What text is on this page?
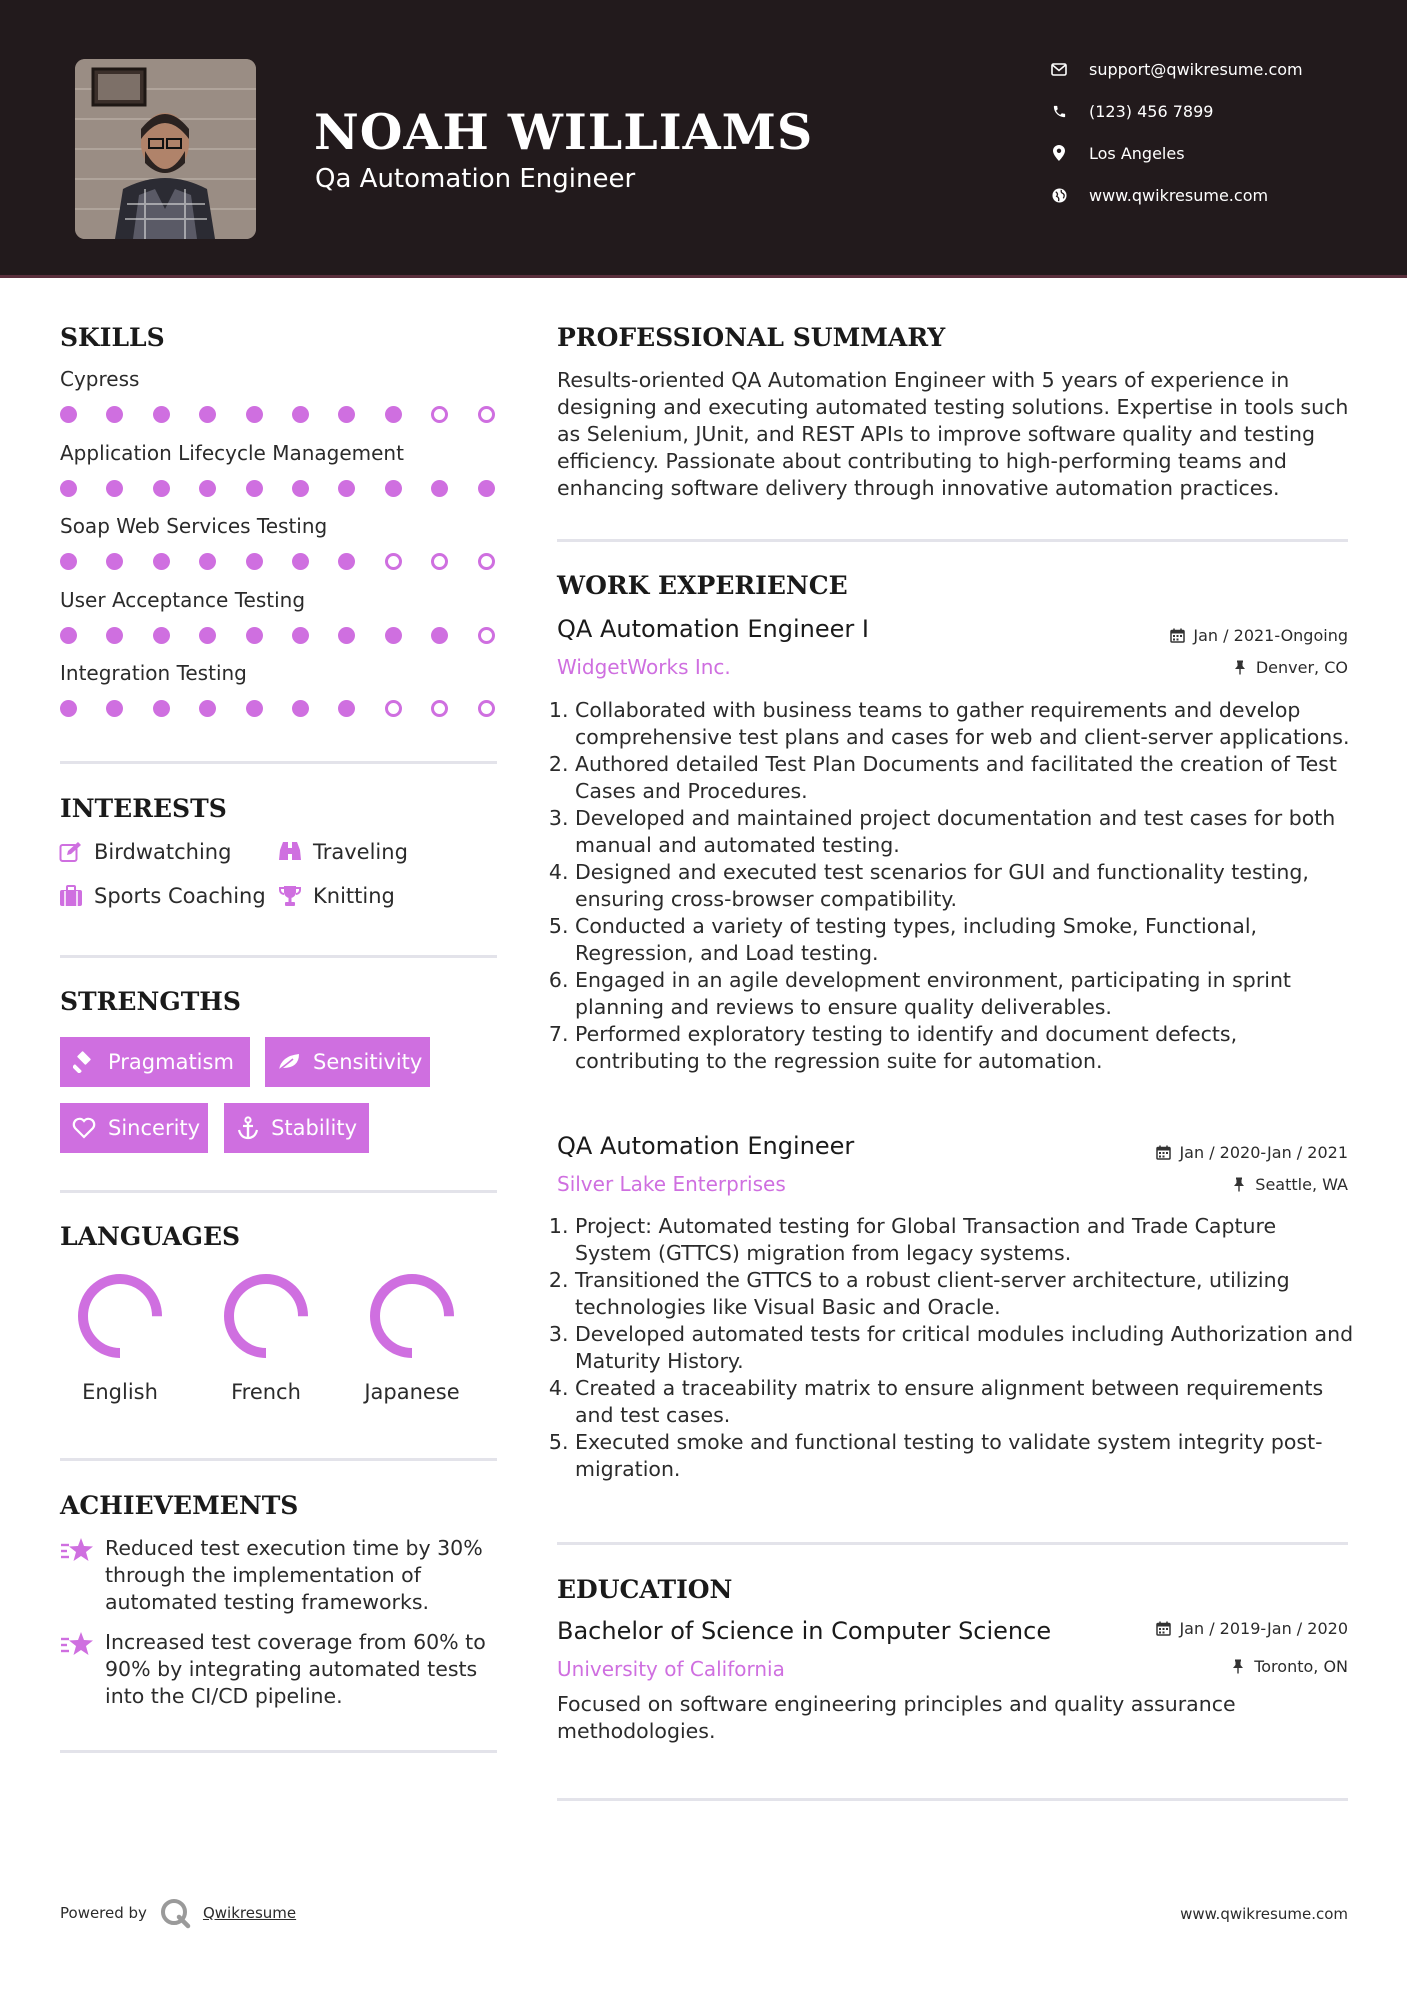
NOAH WILLIAMS
Qa Automation Engineer
support@qwikresume.com
(123) 456 7899
Los Angeles
www.qwikresume.com
SKILLS
Cypress
Application Lifecycle Management
Soap Web Services Testing
User Acceptance Testing
Integration Testing
INTERESTS
Birdwatching	Traveling
Sports Coaching Knitting
STRENGTHS
Pragmatism	Sensitivity
Sincerity	Stability
LANGUAGES
English	French	Japanese
ACHIEVEMENTS
Reduced test execution time by 30% through the implementation of automated testing frameworks.
Increased test coverage from 60% to 90% by integrating automated tests into the CI/CD pipeline.
PROFESSIONAL SUMMARY
Results-oriented QA Automation Engineer with 5 years of experience in designing and executing automated testing solutions. Expertise in tools such as Selenium, JUnit, and REST APIs to improve software quality and testing efficiency. Passionate about contributing to high-performing teams and enhancing software delivery through innovative automation practices.
WORK EXPERIENCE
QA Automation Engineer I	Jan / 2021-Ongoing
WidgetWorks Inc.	Denver, CO
1. Collaborated with business teams to gather requirements and develop comprehensive test plans and cases for web and client-server applications.
2. Authored detailed Test Plan Documents and facilitated the creation of Test Cases and Procedures.
3. Developed and maintained project documentation and test cases for both manual and automated testing.
4. Designed and executed test scenarios for GUI and functionality testing, ensuring cross-browser compatibility.
5. Conducted a variety of testing types, including Smoke, Functional, Regression, and Load testing.
6. Engaged in an agile development environment, participating in sprint planning and reviews to ensure quality deliverables.
7. Performed exploratory testing to identify and document defects, contributing to the regression suite for automation.
QA Automation Engineer	Jan / 2020-Jan / 2021
Silver Lake Enterprises	Seattle, WA
1. Project: Automated testing for Global Transaction and Trade Capture System (GTTCS) migration from legacy systems.
2. Transitioned the GTTCS to a robust client-server architecture, utilizing technologies like Visual Basic and Oracle.
3. Developed automated tests for critical modules including Authorization and Maturity History.
4. Created a traceability matrix to ensure alignment between requirements and test cases.
5. Executed smoke and functional testing to validate system integrity post-migration.
EDUCATION
Bachelor of Science in Computer Science	Jan / 2019-Jan / 2020
University of California	Toronto, ON
Focused on software engineering principles and quality assurance methodologies.
Powered by	Qwikresume	www.qwikresume.com
